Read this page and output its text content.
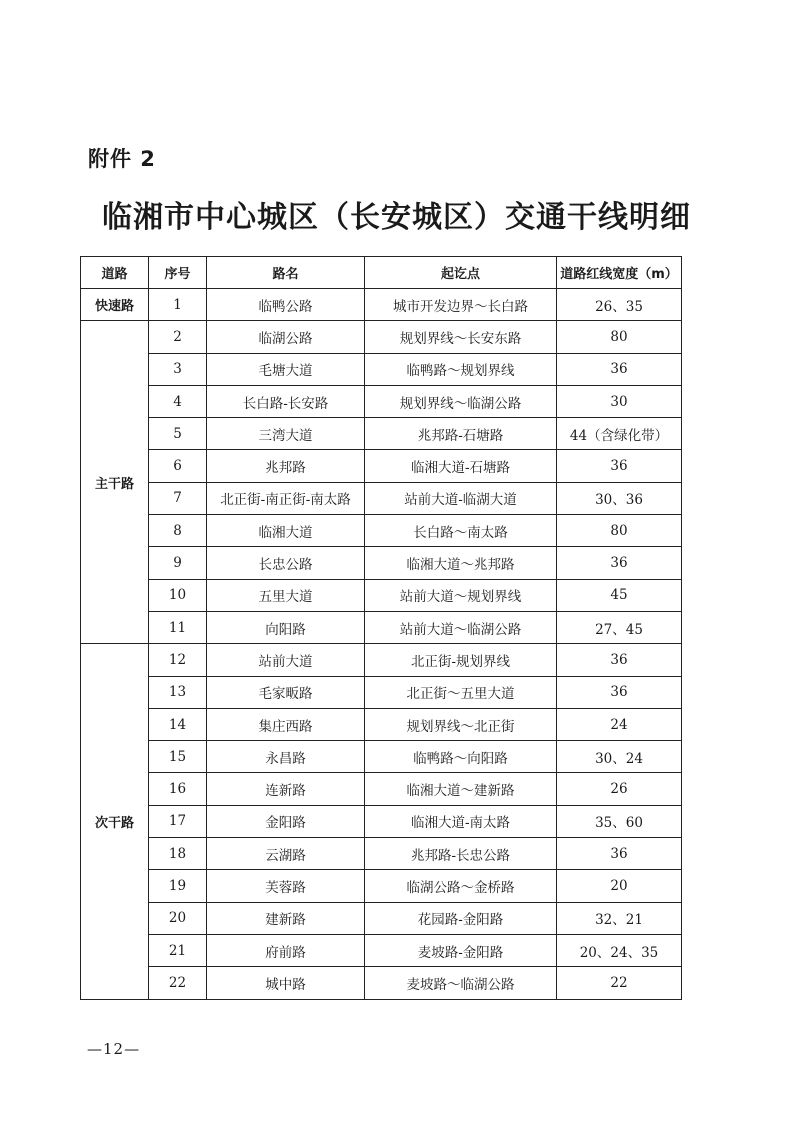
附件 2
临湘市中心城区（长安城区）交通干线明细
道路	序号	路名	起讫点	道路红线宽度（m）
快速路	1	临鸭公路	城市开发边界～长白路	26、35
主干路	2	临湖公路	规划界线～长安东路	80
	3	毛塘大道	临鸭路～规划界线	36
	4	长白路-长安路	规划界线～临湖公路	30
	5	三湾大道	兆邦路-石塘路	44（含绿化带）
	6	兆邦路	临湘大道-石塘路	36
	7	北正街-南正街-南太路	站前大道-临湖大道	30、36
	8	临湘大道	长白路～南太路	80
	9	长忠公路	临湘大道～兆邦路	36
	10	五里大道	站前大道～规划界线	45
	11	向阳路	站前大道～临湖公路	27、45
次干路	12	站前大道	北正街-规划界线	36
	13	毛家畈路	北正街～五里大道	36
	14	集庄西路	规划界线～北正街	24
	15	永昌路	临鸭路～向阳路	30、24
	16	连新路	临湘大道～建新路	26
	17	金阳路	临湘大道-南太路	35、60
	18	云湖路	兆邦路-长忠公路	36
	19	芙蓉路	临湖公路～金桥路	20
	20	建新路	花园路-金阳路	32、21
	21	府前路	麦坡路-金阳路	20、24、35
	22	城中路	麦坡路～临湖公路	22
—12—
